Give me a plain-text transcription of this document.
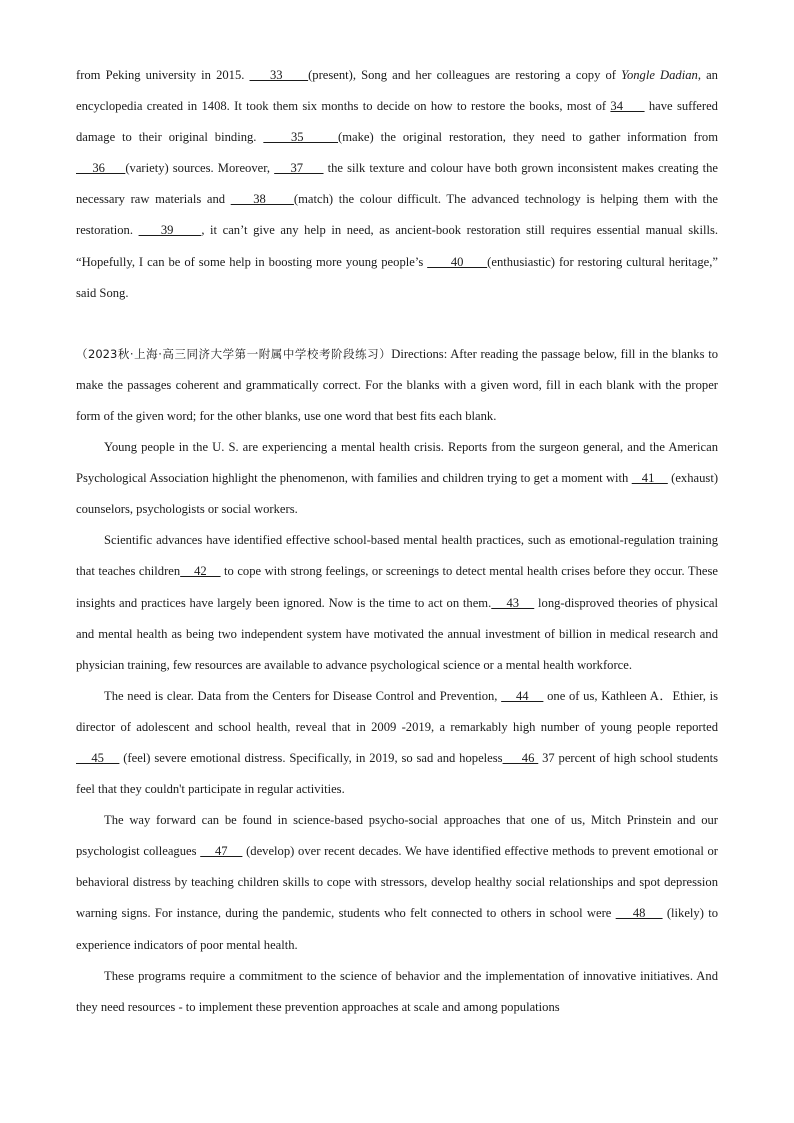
from Peking university in 2015.     33     (present), Song and her colleagues are restoring a copy of Yongle Dadian, an encyclopedia created in 1408. It took them six months to decide on how to restore the books, most of 34      have suffered damage to their original binding.     35     (make) the original restoration, they need to gather information from     36     (variety) sources. Moreover,     37      the silk texture and colour have both grown inconsistent makes creating the necessary raw materials and     38     (match) the colour difficult. The advanced technology is helping them with the restoration.     39     , it can’t give any help in need, as ancient-book restoration still requires essential manual skills. “Hopefully, I can be of some help in boosting more young people’s       40      (enthusiastic) for restoring cultural heritage,” said Song.

（2023秋·上海·高三同济大学第一附属中学校考阶段练习）Directions: After reading the passage below, fill in the blanks to make the passages coherent and grammatically correct. For the blanks with a given word, fill in each blank with the proper form of the given word; for the other blanks, use one word that best fits each blank.

Young people in the U. S. are experiencing a mental health crisis. Reports from the surgeon general, and the American Psychological Association highlight the phenomenon, with families and children trying to get a moment with    41     (exhaust) counselors, psychologists or social workers.

Scientific advances have identified effective school-based mental health practices, such as emotional-regulation training that teaches children    42     to cope with strong feelings, or screenings to detect mental health crises before they occur. These insights and practices have largely been ignored. Now is the time to act on them.    43     long-disproved theories of physical and mental health as being two independent system have motivated the annual investment of billion in medical research and physician training, few resources are available to advance psychological science or a mental health workforce.

The need is clear. Data from the Centers for Disease Control and Prevention,     44     one of us, Kathleen A．Ethier, is director of adolescent and school health, reveal that in 2009 -2019, a remarkably high number of young people reported     45     (feel) severe emotional distress. Specifically, in 2019, so sad and hopeless     46  37 percent of high school students feel that they couldn't participate in regular activities.

The way forward can be found in science-based psycho-social approaches that one of us, Mitch Prinstein and our psychologist colleagues     47     (develop) over recent decades. We have identified effective methods to prevent emotional or behavioral distress by teaching children skills to cope with stressors, develop healthy social relationships and spot depression warning signs. For instance, during the pandemic, students who felt connected to others in school were     48     (likely) to experience indicators of poor mental health.

These programs require a commitment to the science of behavior and the implementation of innovative initiatives. And they need resources - to implement these prevention approaches at scale and among populations
